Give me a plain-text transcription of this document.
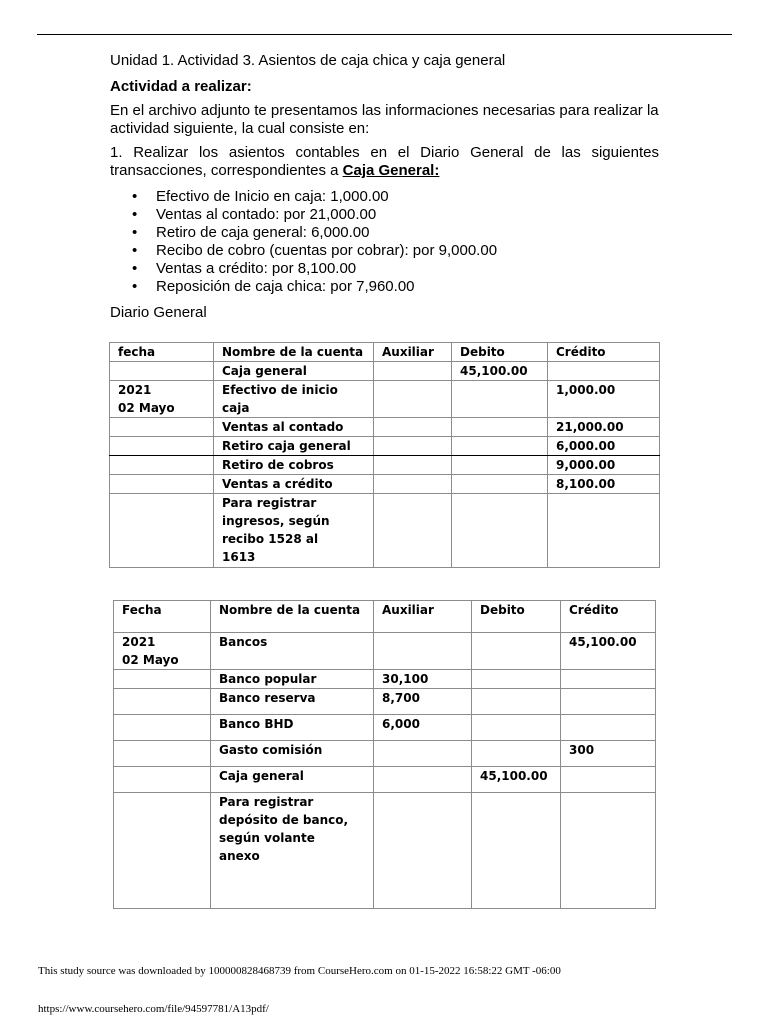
Unidad 1. Actividad 3. Asientos de caja chica y caja general
Actividad a realizar:
En el archivo adjunto te presentamos las informaciones necesarias para realizar la actividad siguiente, la cual consiste en:
1. Realizar los asientos contables en el Diario General de las siguientes transacciones, correspondientes a Caja General:
• Efectivo de Inicio en caja: 1,000.00
• Ventas al contado: por 21,000.00
• Retiro de caja general: 6,000.00
• Recibo de cobro (cuentas por cobrar): por 9,000.00
• Ventas a crédito: por 8,100.00
• Reposición de caja chica: por 7,960.00
Diario General
fecha	Nombre de la cuenta	Auxiliar	Debito	Crédito
	Caja general		45,100.00	
2021
02 Mayo	Efectivo de inicio caja			1,000.00
	Ventas al contado			21,000.00
	Retiro caja general			6,000.00
	Retiro de cobros			9,000.00
	Ventas a crédito			8,100.00
	Para registrar
ingresos, según
recibo 1528 al
1613			
Fecha	Nombre de la cuenta	Auxiliar	Debito	Crédito
2021
02 Mayo	Bancos			45,100.00
	Banco popular	30,100		
	Banco reserva	8,700		
	Banco BHD	6,000		
	Gasto comisión			300
	Caja general		45,100.00	
	Para registrar
depósito de banco,
según volante
anexo			
This study source was downloaded by 100000828468739 from CourseHero.com on 01-15-2022 16:58:22 GMT -06:00
https://www.coursehero.com/file/94597781/A13pdf/
